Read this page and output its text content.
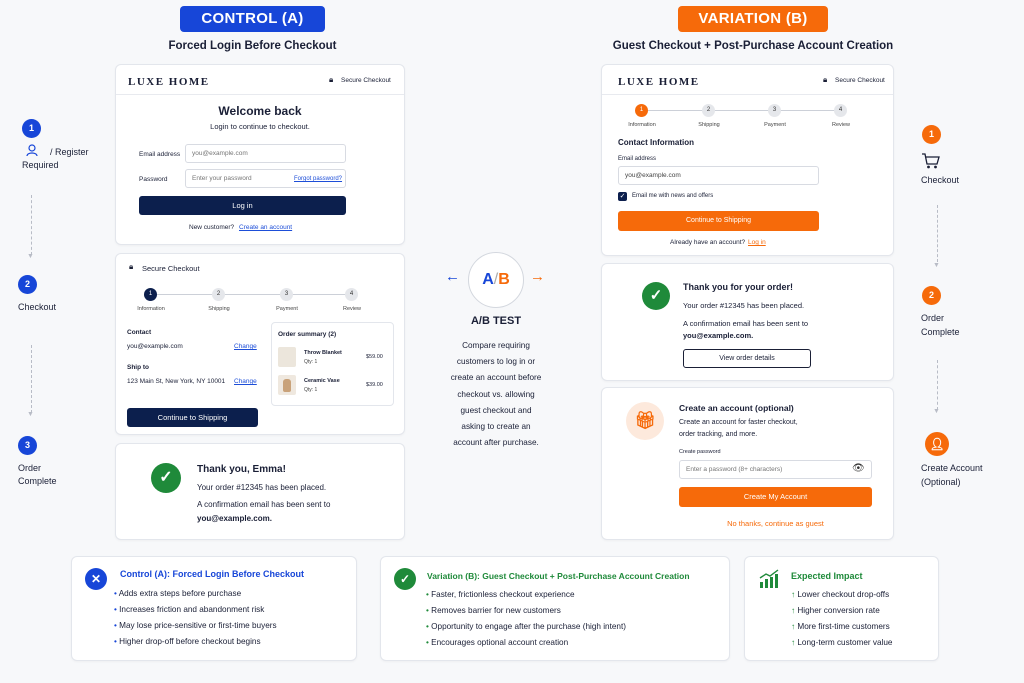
CONTROL (A)
Forced Login Before Checkout
VARIATION (B)
Guest Checkout + Post-Purchase Account Creation
1
/ Register
Required
▼
2
Checkout
▼
3
Order
Complete
LUXE HOME	🔒︎ Secure Checkout
Welcome back
Login to continue to checkout.
Email address
you@example.com
Password
Enter your password	Forgot password?
Log in
New customer? Create an account
🔒︎ Secure Checkout
1	2	3	4
Information	Shipping	Payment	Review
Contact
you@example.com	Change
Ship to
123 Main St, New York, NY 10001 Change
Continue to Shipping
Order summary (2)
Throw Blanket
Qty: 1
$59.00
Ceramic Vase
Qty: 1
$39.00
✓	Thank you, Emma!
Your order #12345 has been placed.
A confirmation email has been sent to
you@example.com.
←	→
A/B
A/B TEST
Compare requiring
customers to log in or
create an account before
checkout vs. allowing
guest checkout and
asking to create an
account after purchase.
LUXE HOME	🔒︎ Secure Checkout
1	2	3	4
Information	Shipping	Payment	Review
Contact Information
Email address
you@example.com
✓ Email me with news and offers
Continue to Shipping
Already have an account? Log in
✓	Thank you for your order!
Your order #12345 has been placed.
A confirmation email has been sent to
you@example.com.
View order details
🎁︎
Create an account (optional)
Create an account for faster checkout,
order tracking, and more.
Create password
Enter a password (8+ characters)
👁︎
Create My Account
No thanks, continue as guest
1
Checkout
▼
2
Order
Complete
▼
👤︎
Create Account
(Optional)
✕	Control (A): Forced Login Before Checkout
• Adds extra steps before purchase
• Increases friction and abandonment risk
• May lose price-sensitive or first-time buyers
• Higher drop-off before checkout begins
✓	Variation (B): Guest Checkout + Post-Purchase Account Creation
• Faster, frictionless checkout experience
• Removes barrier for new customers
• Opportunity to engage after the purchase (high intent)
• Encourages optional account creation
Expected Impact
↑ Lower checkout drop-offs
↑ Higher conversion rate
↑ More first-time customers
↑ Long-term customer value
